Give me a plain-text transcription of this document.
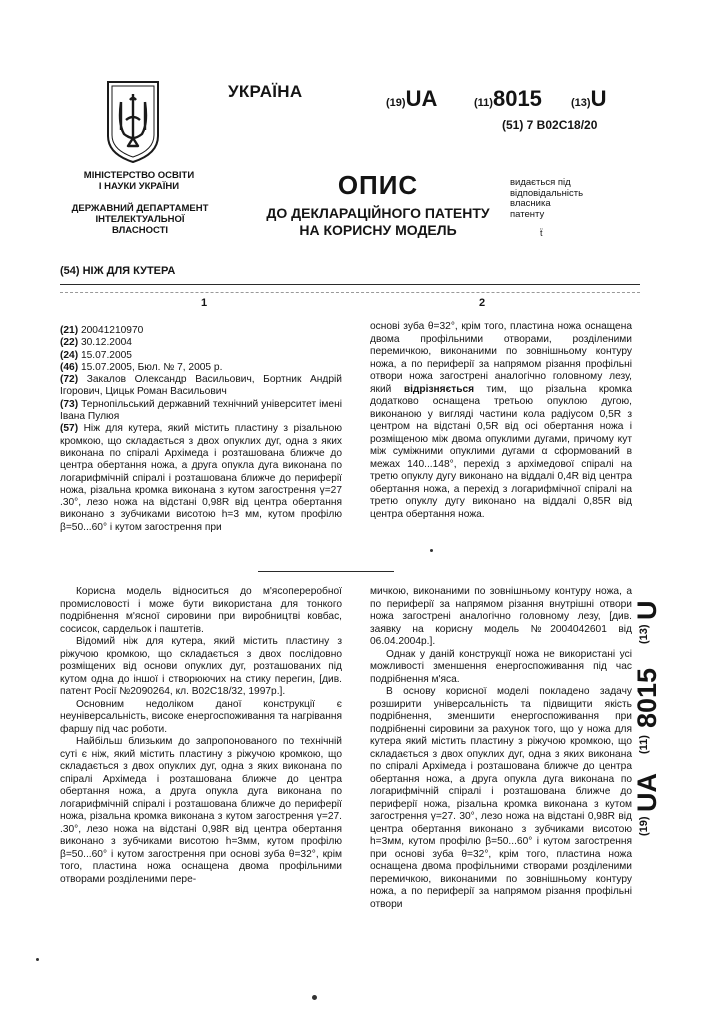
УКРАЇНА
(19)UA	(11)8015	(13)U
(51) 7 B02C18/20
МІНІСТЕРСТВО ОСВІТИ
І НАУКИ УКРАЇНИ
ДЕРЖАВНИЙ ДЕПАРТАМЕНТ
ІНТЕЛЕКТУАЛЬНОЇ
ВЛАСНОСТІ
ОПИС
ДО ДЕКЛАРАЦІЙНОГО ПАТЕНТУ
НА КОРИСНУ МОДЕЛЬ
видається під
відповідальність
власника
патенту
ẗ
(54) НІЖ ДЛЯ КУТЕРА
1	2

(21) 20041210970

(22) 30.12.2004

(24) 15.07.2005

(46) 15.07.2005, Бюл. № 7, 2005 р.

(72) Закалов Олександр Васильович, Бортник Андрій Ігорович, Цицьк Роман Васильович

(73) Тернопільський державний технічний університет імені Івана Пулюя

(57) Ніж для кутера, який містить пластину з різальною кромкою, що складається з двох опуклих дуг, одна з яких виконана по спіралі Архімеда і розташована ближче до центра обертання ножа, а друга опукла дуга виконана по логарифмічній спіралі і розташована ближче до периферії ножа, різальна кромка виконана з кутом загострення γ=27 .30°, лезо ножа на відстані 0,98R від центра обертання виконано з зубчиками висотою h=3 мм, кутом профілю β=50...60° і кутом загострення при

основі зуба θ=32°, крім того, пластина ножа оснащена двома профільними отворами, розділеними перемичкою, виконаними по зовнішньому контуру ножа, а по периферії за напрямом різання профільні отвори ножа загострені аналогічно головному лезу, який відрізняється тим, що різальна кромка додатково оснащена третьою опуклою дугою, виконаною у вигляді частини кола радіусом 0,5R з центром на відстані 0,5R від осі обертання ножа і розміщеною між двома опуклими дугами, причому кут між суміжними опуклими дугами α сформований в межах 140...148°, перехід з архімедової спіралі на третю опуклу дугу виконано на віддалі 0,4R від центра обертання ножа, а перехід з логарифмічної спіралі на третю опуклу дугу виконано на віддалі 0,85R від центра обертання ножа.

Корисна модель відноситься до м'ясопереробної промисловості і може бути використана для тонкого подрібнення м'ясної сировини при виробництві ковбас, сосисок, сардельок і паштетів.

Відомий ніж для кутера, який містить пластину з ріжучою кромкою, що складається з двох послідовно розміщених від основи опуклих дуг, розташованих під кутом одна до іншої і створюючих на стику перегин, [див. патент Росії №2090264, кл. B02C18/32, 1997р.].

Основним недоліком даної конструкції є неуніверсальність, високе енергоспоживання та нагрівання фаршу під час роботи.

Найбільш близьким до запропонованого по технічній суті є ніж, який містить пластину з ріжучою кромкою, що складається з двох опуклих дуг, одна з яких виконана по спіралі Архімеда і розташована ближче до центра обертання ножа, а друга опукла дуга виконана по логарифмічній спіралі і розташована ближче до периферії ножа, різальна кромка виконана з кутом загострення γ=27. .30°, лезо ножа на відстані 0,98R від центра обертання виконано з зубчиками висотою h=3мм, кутом профілю β=50...60° і кутом загострення при основі зуба θ=32°, крім того, пластина ножа оснащена двома профільними отворами розділеними пере-

мичкою, виконаними по зовнішньому контуру ножа, а по периферії за напрямом різання внутрішні отвори ножа загострені аналогічно головному лезу, [див. заявку на корисну модель №2004042601 від 06.04.2004р.].

Однак у даній конструкції ножа не використані усі можливості зменшення енергоспоживання під час подрібнення м'яса.

В основу корисної моделі покладено задачу розширити універсальність та підвищити якість подрібнення, зменшити енергоспоживання при подрібненні сировини за рахунок того, що у ножа для кутера який містить пластину з ріжучою кромкою, що складається з двох опуклих дуг, одна з яких виконана по спіралі Архімеда і розташована ближче до центра обертання ножа, а друга опукла дуга виконана по логарифмічній спіралі і розташована ближче до периферії ножа, різальна кромка виконана з кутом загострення γ=27. 30°, лезо ножа на відстані 0,98R від центра обертання виконано з зубчиками висотою h=3мм, кутом профілю β=50...60° і кутом загострення при основі зуба θ=32°, крім того, пластина ножа оснащена двома профільними створами розділеними перемичкою, виконаними по зовнішньому контуру ножа, а по периферії за напрямом різання профільні отвори

(19)
UA
(11)
8015
(13)
U
